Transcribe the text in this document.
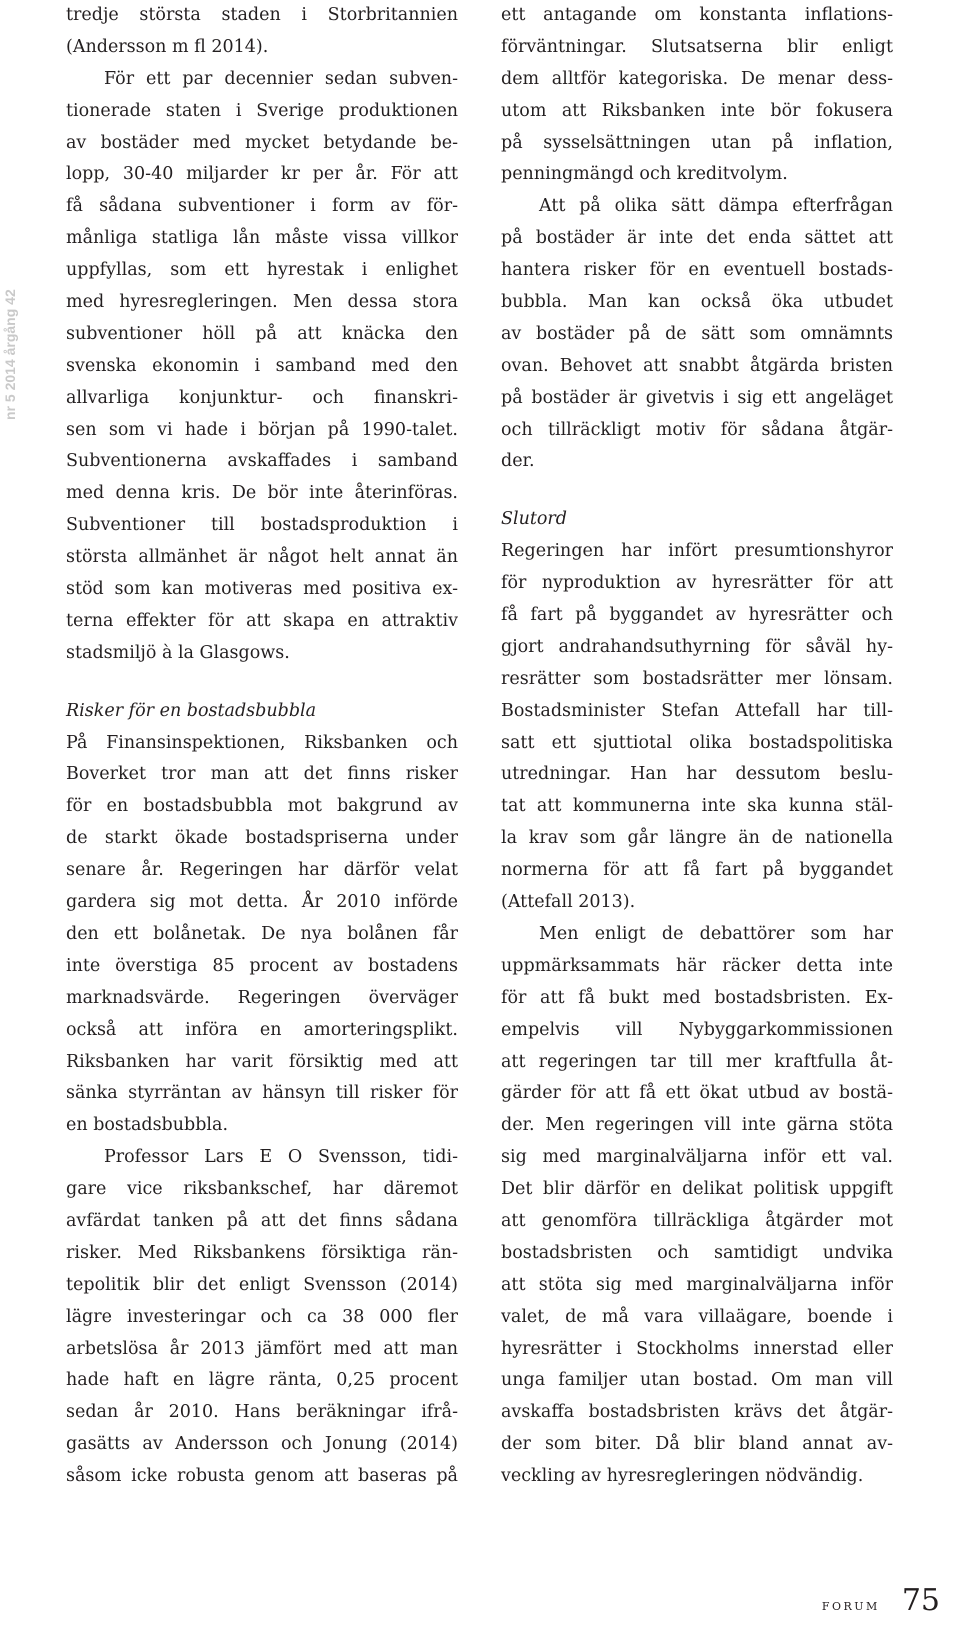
nr 5 2014 årgång 42
tredje största staden i Storbritannien
(Andersson m fl 2014).
För ett par decennier sedan subven-
tionerade staten i Sverige produktionen
av bostäder med mycket betydande be-
lopp, 30-40 miljarder kr per år. För att
få sådana subventioner i form av för-
månliga statliga lån måste vissa villkor
uppfyllas, som ett hyrestak i enlighet
med hyresregleringen. Men dessa stora
subventioner höll på att knäcka den
svenska ekonomin i samband med den
allvarliga konjunktur- och finanskri-
sen som vi hade i början på 1990-talet.
Subventionerna avskaffades i samband
med denna kris. De bör inte återinföras.
Subventioner till bostadsproduktion i
största allmänhet är något helt annat än
stöd som kan motiveras med positiva ex-
terna effekter för att skapa en attraktiv
stadsmiljö à la Glasgows.
Risker för en bostadsbubbla
På Finansinspektionen, Riksbanken och
Boverket tror man att det finns risker
för en bostadsbubbla mot bakgrund av
de starkt ökade bostadspriserna under
senare år. Regeringen har därför velat
gardera sig mot detta. År 2010 införde
den ett bolånetak. De nya bolånen får
inte överstiga 85 procent av bostadens
marknadsvärde. Regeringen överväger
också att införa en amorteringsplikt.
Riksbanken har varit försiktig med att
sänka styrräntan av hänsyn till risker för
en bostadsbubbla.
Professor Lars E O Svensson, tidi-
gare vice riksbankschef, har däremot
avfärdat tanken på att det finns sådana
risker. Med Riksbankens försiktiga rän-
tepolitik blir det enligt Svensson (2014)
lägre investeringar och ca 38 000 fler
arbetslösa år 2013 jämfört med att man
hade haft en lägre ränta, 0,25 procent
sedan år 2010. Hans beräkningar ifrå-
gasätts av Andersson och Jonung (2014)
såsom icke robusta genom att baseras på
ett antagande om konstanta inflations-
förväntningar. Slutsatserna blir enligt
dem alltför kategoriska. De menar dess-
utom att Riksbanken inte bör fokusera
på sysselsättningen utan på inflation,
penningmängd och kreditvolym.
Att på olika sätt dämpa efterfrågan
på bostäder är inte det enda sättet att
hantera risker för en eventuell bostads-
bubbla. Man kan också öka utbudet
av bostäder på de sätt som omnämnts
ovan. Behovet att snabbt åtgärda bristen
på bostäder är givetvis i sig ett angeläget
och tillräckligt motiv för sådana åtgär-
der.
Slutord
Regeringen har infört presumtionshyror
för nyproduktion av hyresrätter för att
få fart på byggandet av hyresrätter och
gjort andrahandsuthyrning för såväl hy-
resrätter som bostadsrätter mer lönsam.
Bostadsminister Stefan Attefall har till-
satt ett sjuttiotal olika bostadspolitiska
utredningar. Han har dessutom beslu-
tat att kommunerna inte ska kunna stäl-
la krav som går längre än de nationella
normerna för att få fart på byggandet
(Attefall 2013).
Men enligt de debattörer som har
uppmärksammats här räcker detta inte
för att få bukt med bostadsbristen. Ex-
empelvis vill Nybyggarkommissionen
att regeringen tar till mer kraftfulla åt-
gärder för att få ett ökat utbud av bostä-
der. Men regeringen vill inte gärna stöta
sig med marginalväljarna inför ett val.
Det blir därför en delikat politisk uppgift
att genomföra tillräckliga åtgärder mot
bostadsbristen och samtidigt undvika
att stöta sig med marginalväljarna inför
valet, de må vara villaägare, boende i
hyresrätter i Stockholms innerstad eller
unga familjer utan bostad. Om man vill
avskaffa bostadsbristen krävs det åtgär-
der som biter. Då blir bland annat av-
veckling av hyresregleringen nödvändig.
forum 75
